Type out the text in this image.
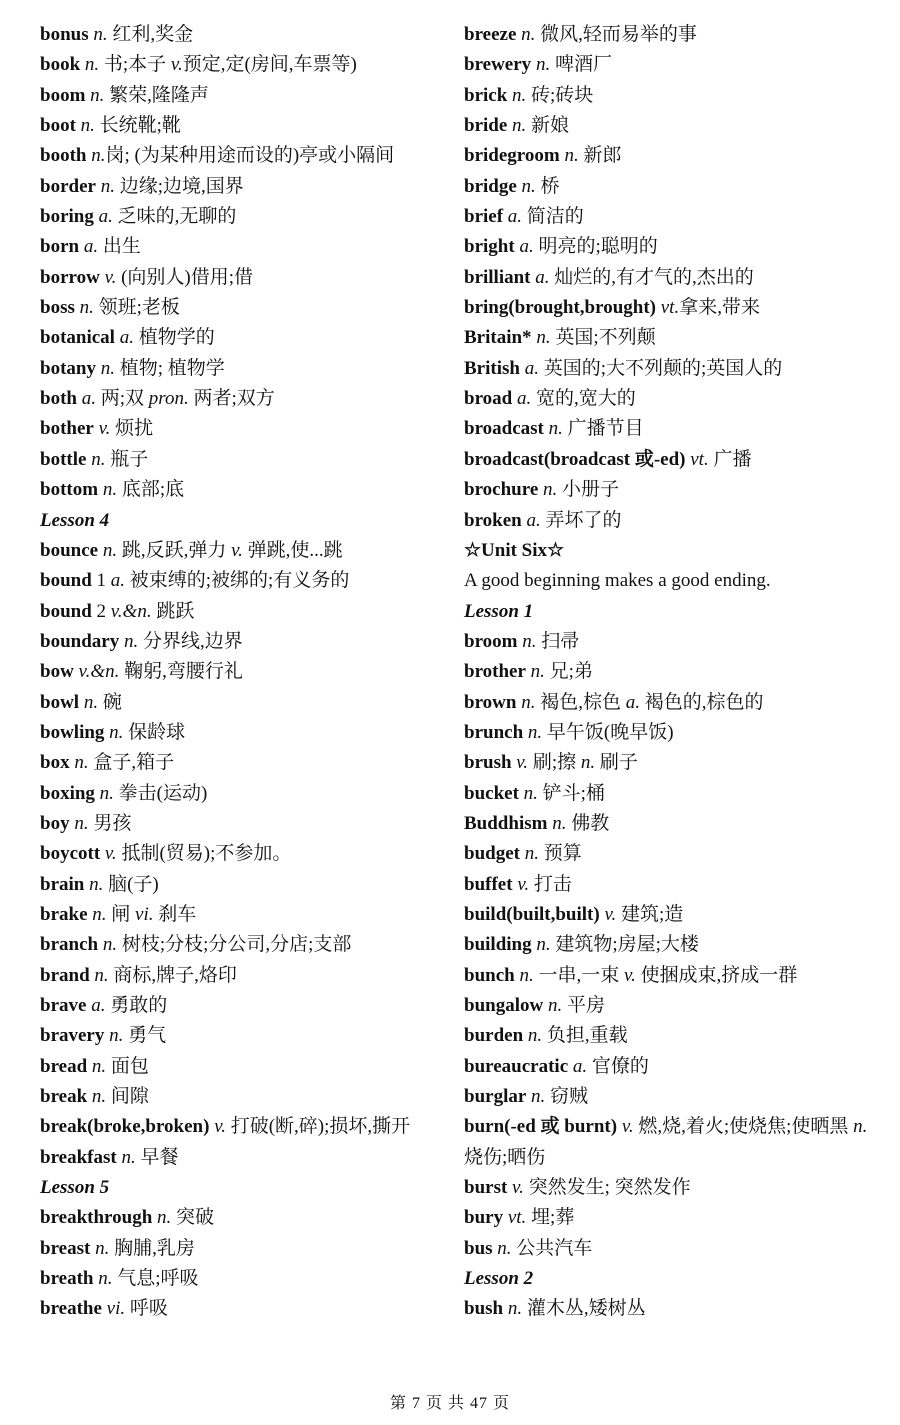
bonus n. 红利,奖金
book n. 书;本子 v.预定,定(房间,车票等)
boom n. 繁荣,隆隆声
boot n. 长统靴;靴
booth n.岗; (为某种用途而设的)亭或小隔间
border n. 边缘;边境,国界
boring a. 乏味的,无聊的
born a. 出生
borrow v. (向别人)借用;借
boss n. 领班;老板
botanical a. 植物学的
botany n. 植物; 植物学
both a. 两;双 pron. 两者;双方
bother v. 烦扰
bottle n. 瓶子
bottom n. 底部;底
Lesson 4
bounce n. 跳,反跃,弹力 v. 弹跳,使...跳
bound 1 a. 被束缚的;被绑的;有义务的
bound 2 v.&n. 跳跃
boundary n. 分界线,边界
bow v.&n. 鞠躬,弯腰行礼
bowl n. 碗
bowling n. 保龄球
box n. 盒子,箱子
boxing n. 拳击(运动)
boy n. 男孩
boycott v. 抵制(贸易);不参加。
brain n. 脑(子)
brake n. 闸 vi. 刹车
branch n. 树枝;分枝;分公司,分店;支部
brand n. 商标,牌子,烙印
brave a. 勇敢的
bravery n. 勇气
bread n. 面包
break n. 间隙
break(broke,broken) v. 打破(断,碎);损坏,撕开
breakfast n. 早餐
Lesson 5
breakthrough n. 突破
breast n. 胸脯,乳房
breath n. 气息;呼吸
breathe vi. 呼吸
breeze n. 微风,轻而易举的事
brewery n. 啤酒厂
brick n. 砖;砖块
bride n. 新娘
bridegroom n. 新郎
bridge n. 桥
brief a. 简洁的
bright a. 明亮的;聪明的
brilliant a. 灿烂的,有才气的,杰出的
bring(brought,brought) vt.拿来,带来
Britain* n. 英国;不列颠
British a. 英国的;大不列颠的;英国人的
broad a. 宽的,宽大的
broadcast n. 广播节目
broadcast(broadcast 或-ed) vt. 广播
brochure n. 小册子
broken a. 弄坏了的
☆Unit Six☆
A good beginning makes a good ending.
Lesson 1
broom n. 扫帚
brother n. 兄;弟
brown n. 褐色,棕色 a. 褐色的,棕色的
brunch n. 早午饭(晚早饭)
brush v. 刷;擦 n. 刷子
bucket n. 铲斗;桶
Buddhism n. 佛教
budget n. 预算
buffet v. 打击
build(built,built) v. 建筑;造
building n. 建筑物;房屋;大楼
bunch n. 一串,一束 v. 使捆成束,挤成一群
bungalow n. 平房
burden n. 负担,重载
bureaucratic a. 官僚的
burglar n. 窃贼
burn(-ed 或 burnt) v. 燃,烧,着火;使烧焦;使晒黑 n. 烧伤;晒伤
burst v. 突然发生; 突然发作
bury vt. 埋;葬
bus n. 公共汽车
Lesson 2
bush n. 灌木丛,矮树丛
第 7 页 共 47 页
